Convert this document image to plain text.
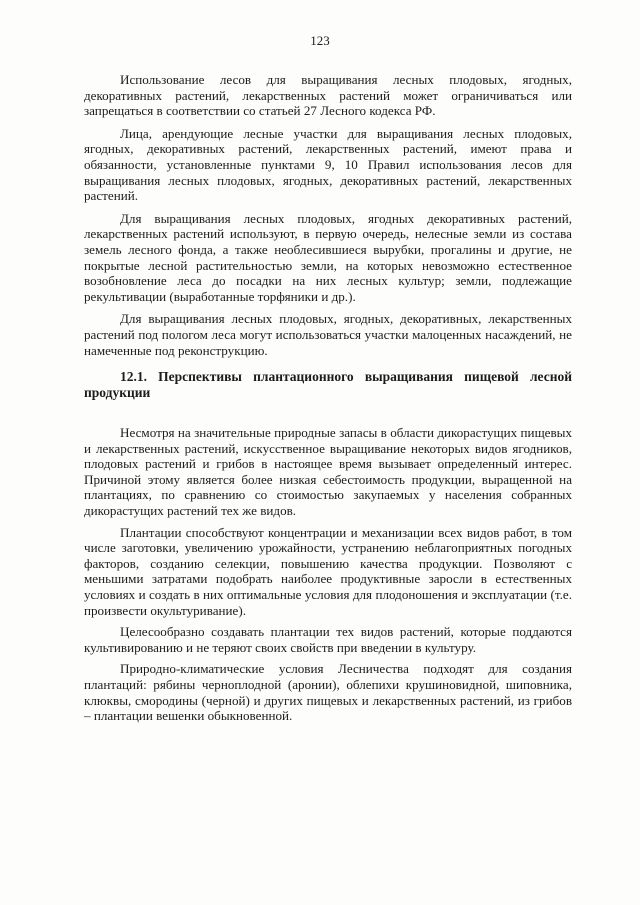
123

Использование лесов для выращивания лесных плодовых, ягодных, декоративных растений, лекарственных растений может ограничиваться или запрещаться в соответствии со статьей 27 Лесного кодекса РФ.

Лица, арендующие лесные участки для выращивания лесных плодовых, ягодных, декоративных растений, лекарственных растений, имеют права и обязанности, установленные пунктами 9, 10 Правил использования лесов для выращивания лесных плодовых, ягодных, декоративных растений, лекарственных растений.

Для выращивания лесных плодовых, ягодных декоративных растений, лекарственных растений используют, в первую очередь, нелесные земли из состава земель лесного фонда, а также необлесившиеся вырубки, прогалины и другие, не покрытые лесной растительностью земли, на которых невозможно естественное возобновление леса до посадки на них лесных культур; земли, подлежащие рекультивации (выработанные торфяники и др.).

Для выращивания лесных плодовых, ягодных, декоративных, лекарственных растений под пологом леса могут использоваться участки малоценных насаждений, не намеченные под реконструкцию.

12.1. Перспективы плантационного выращивания пищевой лесной продукции

Несмотря на значительные природные запасы в области дикорастущих пищевых и лекарственных растений, искусственное выращивание некоторых видов ягодников, плодовых растений и грибов в настоящее время вызывает определенный интерес. Причиной этому является более низкая себестоимость продукции, выращенной на плантациях, по сравнению со стоимостью закупаемых у населения собранных дикорастущих растений тех же видов.

Плантации способствуют концентрации и механизации всех видов работ, в том числе заготовки, увеличению урожайности, устранению неблагоприятных погодных факторов, созданию селекции, повышению качества продукции. Позволяют с меньшими затратами подобрать наиболее продуктивные заросли в естественных условиях и создать в них оптимальные условия для плодоношения и эксплуатации (т.е. произвести окультуривание).

Целесообразно создавать плантации тех видов растений, которые поддаются культивированию и не теряют своих свойств при введении в культуру.

Природно-климатические условия Лесничества подходят для создания плантаций: рябины черноплодной (аронии), облепихи крушиновидной, шиповника, клюквы, смородины (черной) и других пищевых и лекарственных растений, из грибов – плантации вешенки обыкновенной.
